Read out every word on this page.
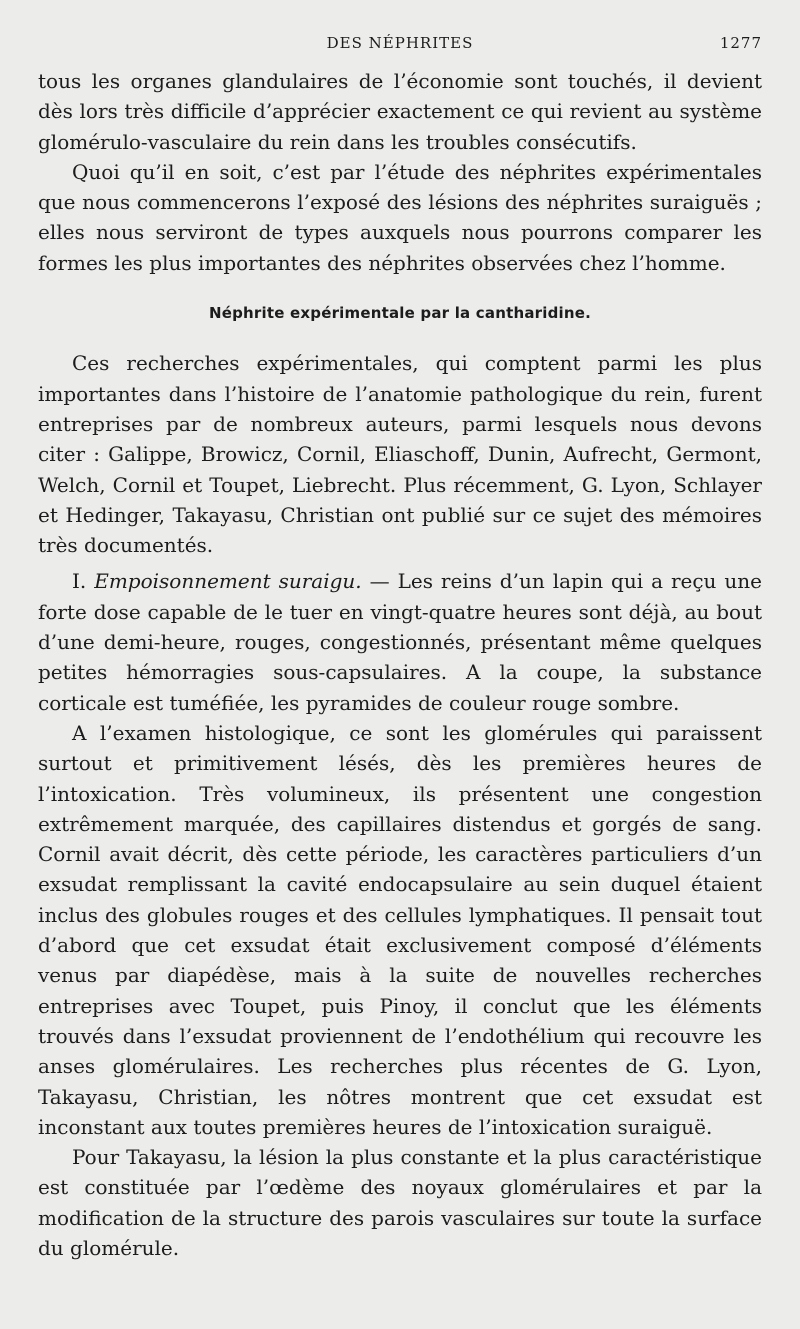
DES NÉPHRITES	1277

tous les organes glandulaires de l’économie sont touchés, il devient dès lors très difficile d’apprécier exactement ce qui revient au système glomérulo-vasculaire du rein dans les troubles consécutifs.

Quoi qu’il en soit, c’est par l’étude des néphrites expérimentales que nous commencerons l’exposé des lésions des néphrites suraiguës ; elles nous serviront de types auxquels nous pourrons comparer les formes les plus importantes des néphrites observées chez l’homme.

Néphrite expérimentale par la cantharidine.

Ces recherches expérimentales, qui comptent parmi les plus importantes dans l’histoire de l’anatomie pathologique du rein, furent entreprises par de nombreux auteurs, parmi lesquels nous devons citer : Galippe, Browicz, Cornil, Eliaschoff, Dunin, Aufrecht, Germont, Welch, Cornil et Toupet, Liebrecht. Plus récemment, G. Lyon, Schlayer et Hedinger, Takayasu, Christian ont publié sur ce sujet des mémoires très documentés.

I. Empoisonnement suraigu. — Les reins d’un lapin qui a reçu une forte dose capable de le tuer en vingt-quatre heures sont déjà, au bout d’une demi-heure, rouges, congestionnés, présentant même quelques petites hémorragies sous-capsulaires. A la coupe, la substance corticale est tuméfiée, les pyramides de couleur rouge sombre.

A l’examen histologique, ce sont les glomérules qui paraissent surtout et primitivement lésés, dès les premières heures de l’intoxication. Très volumineux, ils présentent une congestion extrêmement marquée, des capillaires distendus et gorgés de sang. Cornil avait décrit, dès cette période, les caractères particuliers d’un exsudat remplissant la cavité endocapsulaire au sein duquel étaient inclus des globules rouges et des cellules lymphatiques. Il pensait tout d’abord que cet exsudat était exclusivement composé d’éléments venus par diapédèse, mais à la suite de nouvelles recherches entreprises avec Toupet, puis Pinoy, il conclut que les éléments trouvés dans l’exsudat proviennent de l’endothélium qui recouvre les anses glomérulaires. Les recherches plus récentes de G. Lyon, Takayasu, Christian, les nôtres montrent que cet exsudat est inconstant aux toutes premières heures de l’intoxication suraiguë.

Pour Takayasu, la lésion la plus constante et la plus caractéristique est constituée par l’œdème des noyaux glomérulaires et par la modification de la structure des parois vasculaires sur toute la surface du glomérule.
